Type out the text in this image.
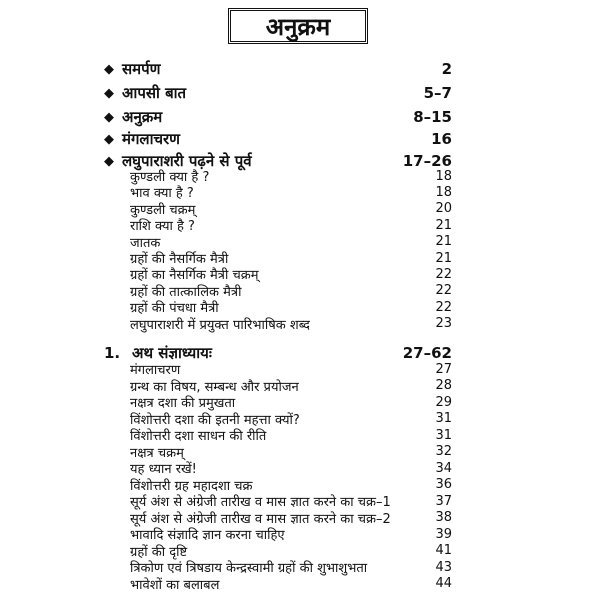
अनुक्रम
◆ समर्पण	2
◆ आपसी बात	5–7
◆ अनुक्रम	8–15
◆ मंगलाचरण	16
◆ लघुपाराशरी पढ़ने से पूर्व	17–26
कुण्डली क्या है ?	18
भाव क्या है ?	18
कुण्डली चक्रम्	20
राशि क्या है ?	21
जातक	21
ग्रहों की नैसर्गिक मैत्री	21
ग्रहों का नैसर्गिक मैत्री चक्रम्	22
ग्रहों की तात्कालिक मैत्री	22
ग्रहों की पंचधा मैत्री	22
लघुपाराशरी में प्रयुक्त पारिभाषिक शब्द	23
1. अथ संज्ञाध्यायः	27–62
मंगलाचरण	27
ग्रन्थ का विषय, सम्बन्ध और प्रयोजन	28
नक्षत्र दशा की प्रमुखता	29
विंशोत्तरी दशा की इतनी महत्ता क्यों?	31
विंशोत्तरी दशा साधन की रीति	31
नक्षत्र चक्रम्	32
यह ध्यान रखें!	34
विंशोत्तरी ग्रह महादशा चक्र	36
सूर्य अंश से अंग्रेजी तारीख व मास ज्ञात करने का चक्र–1	37
सूर्य अंश से अंग्रेजी तारीख व मास ज्ञात करने का चक्र–2	38
भावादि संज्ञादि ज्ञान करना चाहिए	39
ग्रहों की दृष्टि	41
त्रिकोण एवं त्रिषडाय केन्द्रस्वामी ग्रहों की शुभाशुभता	43
भावेशों का बलाबल	44
